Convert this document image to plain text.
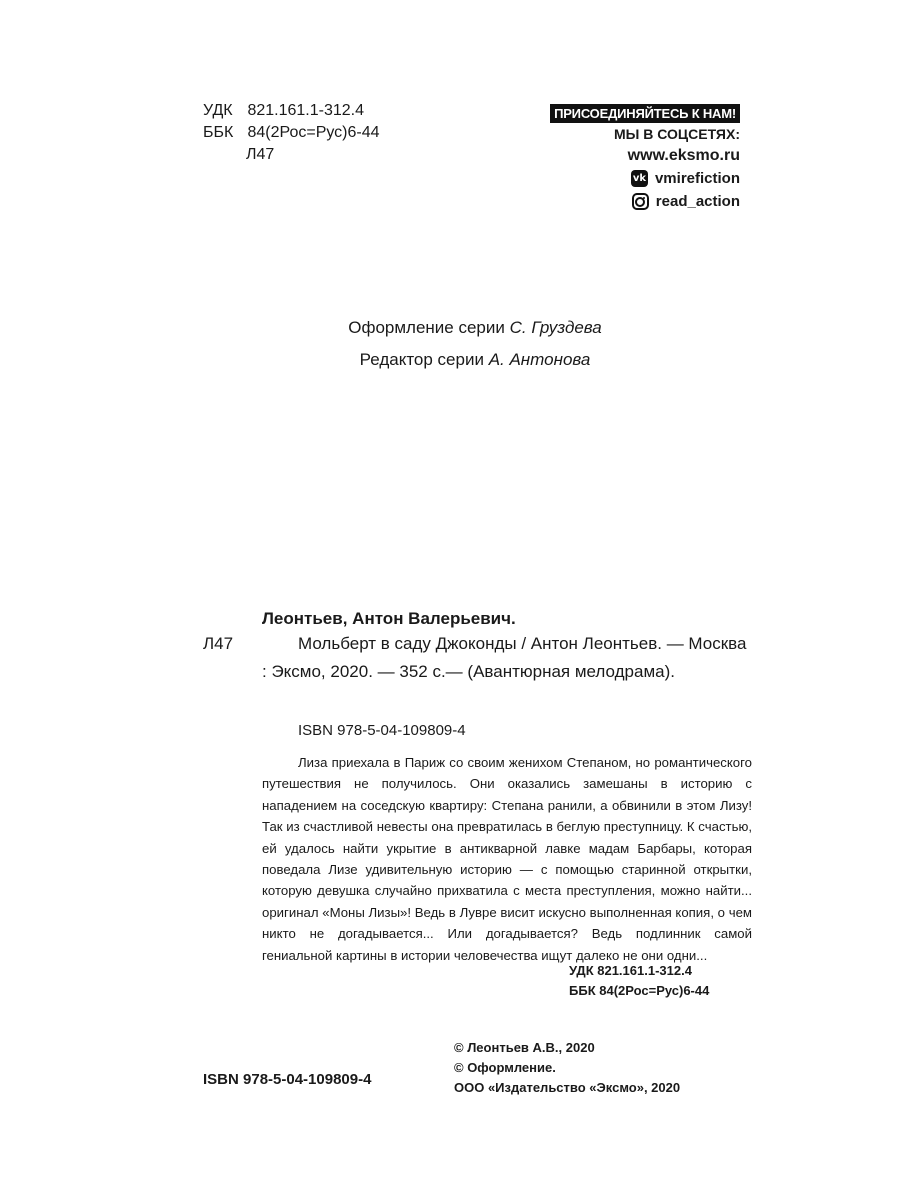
УДК 821.161.1-312.4
ББК 84(2Рос=Рус)6-44
Л47
ПРИСОЕДИНЯЙТЕСЬ К НАМ!
МЫ В СОЦСЕТЯХ:
www.eksmo.ru
vk vmirefiction
read_action
Оформление серии С. Груздева
Редактор серии А. Антонова
Леонтьев, Антон Валерьевич.
Л47	Мольберт в саду Джоконды / Антон Леонтьев. — Москва : Эксмо, 2020. — 352 с.— (Авантюрная мелодрама).
ISBN 978-5-04-109809-4
Лиза приехала в Париж со своим женихом Степаном, но романтического путешествия не получилось. Они оказались замешаны в историю с нападением на соседскую квартиру: Степана ранили, а обвинили в этом Лизу! Так из счастливой невесты она превратилась в беглую преступницу. К счастью, ей удалось найти укрытие в антикварной лавке мадам Барбары, которая поведала Лизе удивительную историю — с помощью старинной открытки, которую девушка случайно прихватила с места преступления, можно найти... оригинал «Моны Лизы»! Ведь в Лувре висит искусно выполненная копия, о чем никто не догадывается... Или догадывается? Ведь подлинник самой гениальной картины в истории человечества ищут далеко не они одни...
УДК 821.161.1-312.4
ББК 84(2Рос=Рус)6-44
© Леонтьев А.В., 2020
© Оформление.
ООО «Издательство «Эксмо», 2020
ISBN 978-5-04-109809-4
